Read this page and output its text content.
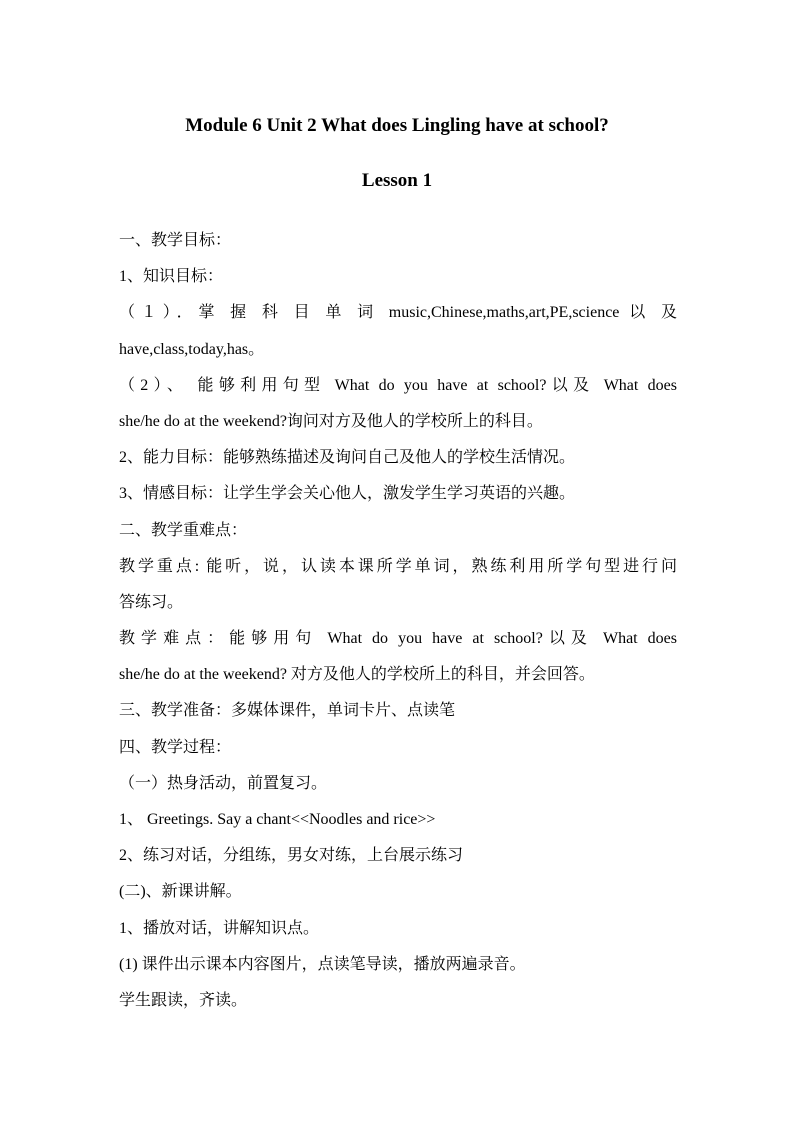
Module 6 Unit 2 What does Lingling have at school?
Lesson 1
一、教学目标：
1、知识目标：
（１）．掌 握 科 目 单 词 music,Chinese,maths,art,PE,science 以 及
have,class,today,has。
（2）、 能够利用句型 What do you have at school?以及 What does
she/he do at the weekend?询问对方及他人的学校所上的科目。
2、能力目标：能够熟练描述及询问自己及他人的学校生活情况。
3、情感目标：让学生学会关心他人，激发学生学习英语的兴趣。
二、教学重难点：
教学重点: 能听，说，认读本课所学单词，熟练利用所学句型进行问
答练习。
教学难点：能够用句 What do you have at school?以及 What does
she/he do at the weekend? 对方及他人的学校所上的科目，并会回答。
三、教学准备：多媒体课件，单词卡片、点读笔
四、教学过程：
（一）热身活动，前置复习。
1、 Greetings. Say a chant<<Noodles and rice>>
2、练习对话，分组练，男女对练，上台展示练习
(二)、新课讲解。
1、播放对话，讲解知识点。
(1) 课件出示课本内容图片，点读笔导读，播放两遍录音。
学生跟读，齐读。
